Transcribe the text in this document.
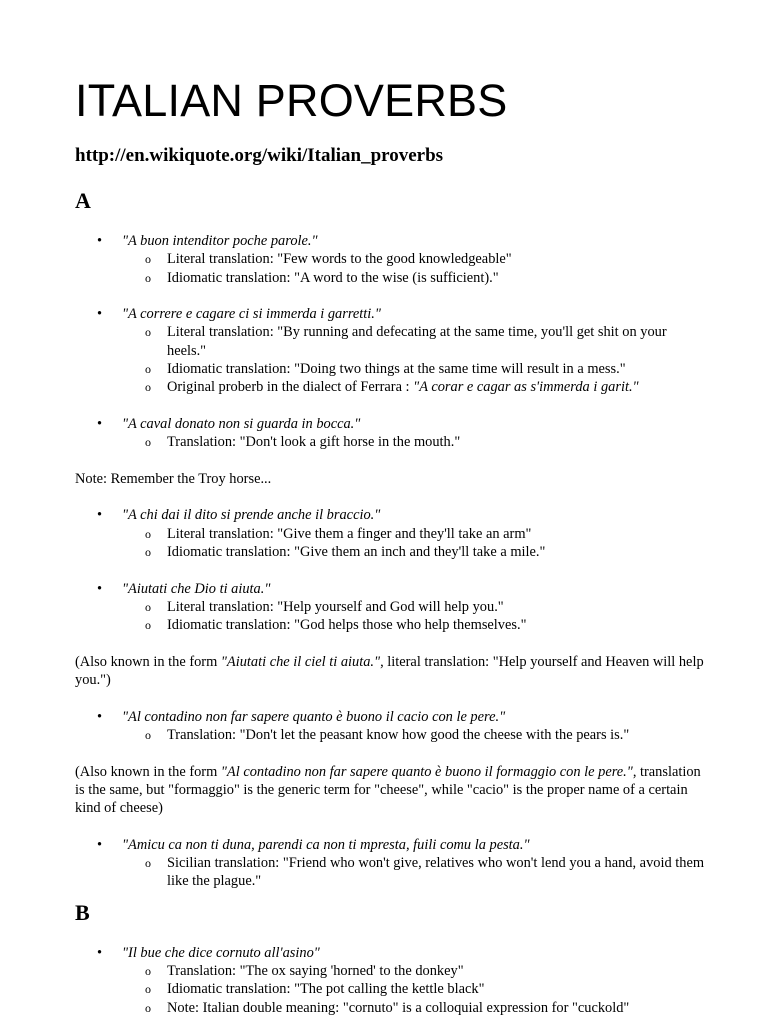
ITALIAN PROVERBS
http://en.wikiquote.org/wiki/Italian_proverbs
A
• "A buon intenditor poche parole."
o Literal translation: "Few words to the good knowledgeable"
o Idiomatic translation: "A word to the wise (is sufficient)."
• "A correre e cagare ci si immerda i garretti."
o Literal translation: "By running and defecating at the same time, you'll get shit on your heels."
o Idiomatic translation: "Doing two things at the same time will result in a mess."
o Original proberb in the dialect of Ferrara : "A corar e cagar as s'immerda i garit."
• "A caval donato non si guarda in bocca."
o Translation: "Don't look a gift horse in the mouth."

Note: Remember the Troy horse...

• "A chi dai il dito si prende anche il braccio."
o Literal translation: "Give them a finger and they'll take an arm"
o Idiomatic translation: "Give them an inch and they'll take a mile."
• "Aiutati che Dio ti aiuta."
o Literal translation: "Help yourself and God will help you."
o Idiomatic translation: "God helps those who help themselves."

(Also known in the form "Aiutati che il ciel ti aiuta.", literal translation: "Help yourself and Heaven will help you.")

• "Al contadino non far sapere quanto è buono il cacio con le pere."
o Translation: "Don't let the peasant know how good the cheese with the pears is."

(Also known in the form "Al contadino non far sapere quanto è buono il formaggio con le pere.", translation is the same, but "formaggio" is the generic term for "cheese", while "cacio" is the proper name of a certain kind of cheese)

• "Amicu ca non ti duna, parendi ca non ti mpresta, fuili comu la pesta."
o Sicilian translation: "Friend who won't give, relatives who won't lend you a hand, avoid them like the plague."
B
• "Il bue che dice cornuto all'asino"
o Translation: "The ox saying 'horned' to the donkey"
o Idiomatic translation: "The pot calling the kettle black"
o Note: Italian double meaning: "cornuto" is a colloquial expression for "cuckold"
